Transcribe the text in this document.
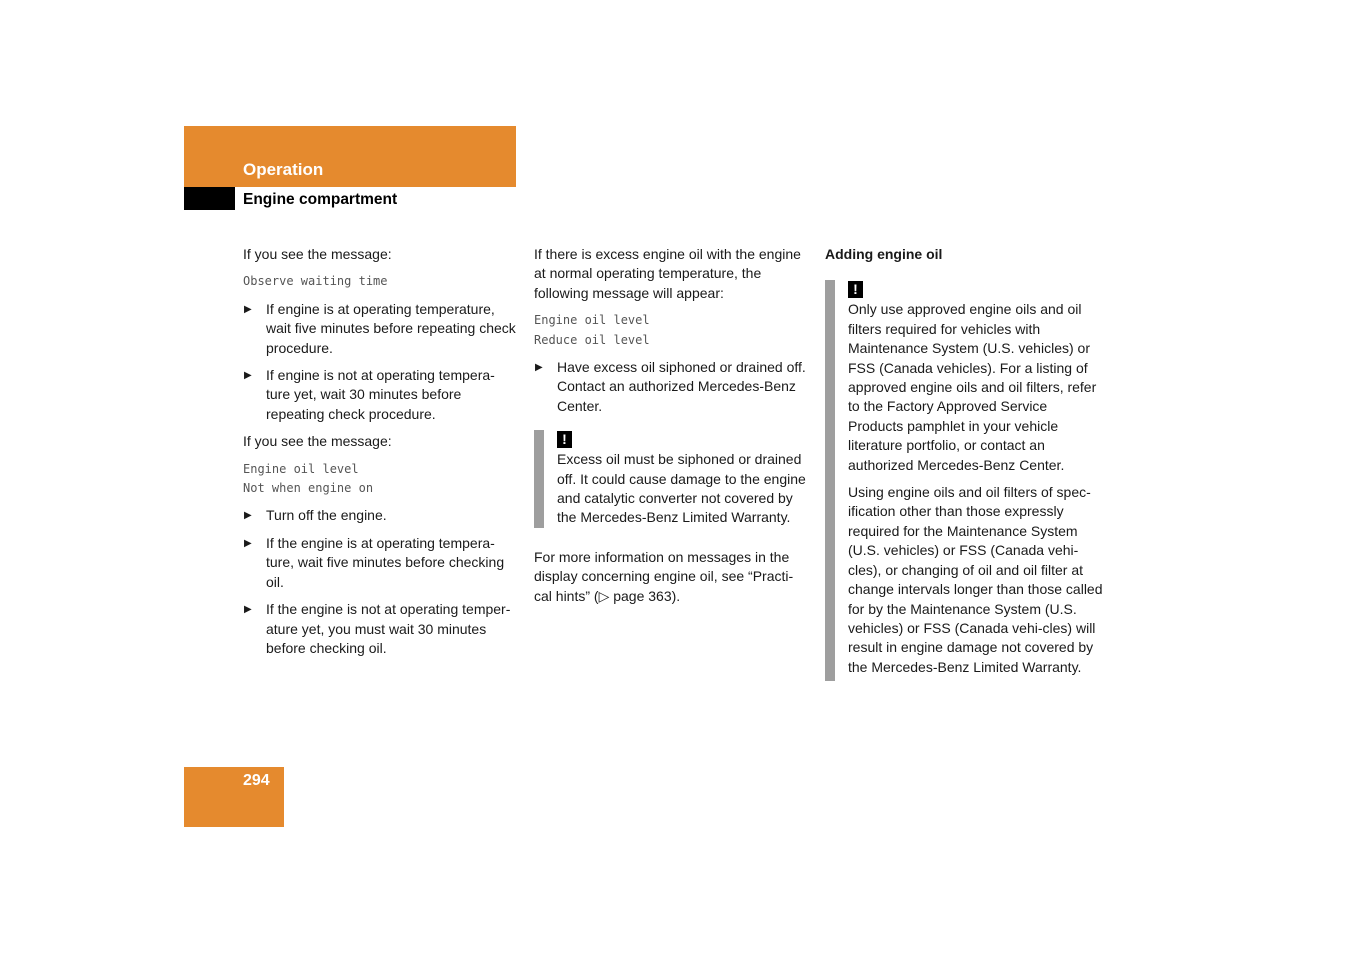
Operation
Engine compartment

If you see the message:

Observe waiting time
▶ If engine is at operating temperature, wait five minutes before repeating check procedure.
▶ If engine is not at operating tempera-ture yet, wait 30 minutes before repeating check procedure.

If you see the message:

Engine oil level
Not when engine on
▶ Turn off the engine.
▶ If the engine is at operating tempera-ture, wait five minutes before checking oil.
▶ If the engine is not at operating temper-ature yet, you must wait 30 minutes before checking oil.

If there is excess engine oil with the engine at normal operating temperature, the following message will appear:

Engine oil level
Reduce oil level
▶ Have excess oil siphoned or drained off. Contact an authorized Mercedes-Benz Center.
!
Excess oil must be siphoned or drained off. It could cause damage to the engine and catalytic converter not covered by the Mercedes-Benz Limited Warranty.

For more information on messages in the display concerning engine oil, see “Practi-cal hints” (▷ page 363).

Adding engine oil
!

Only use approved engine oils and oil filters required for vehicles with Maintenance System (U.S. vehicles) or FSS (Canada vehicles). For a listing of approved engine oils and oil filters, refer to the Factory Approved Service Products pamphlet in your vehicle literature portfolio, or contact an authorized Mercedes-Benz Center.

Using engine oils and oil filters of spec-ification other than those expressly required for the Maintenance System (U.S. vehicles) or FSS (Canada vehi-cles), or changing of oil and oil filter at change intervals longer than those called for by the Maintenance System (U.S. vehicles) or FSS (Canada vehi-cles) will result in engine damage not covered by the Mercedes-Benz Limited Warranty.

294
